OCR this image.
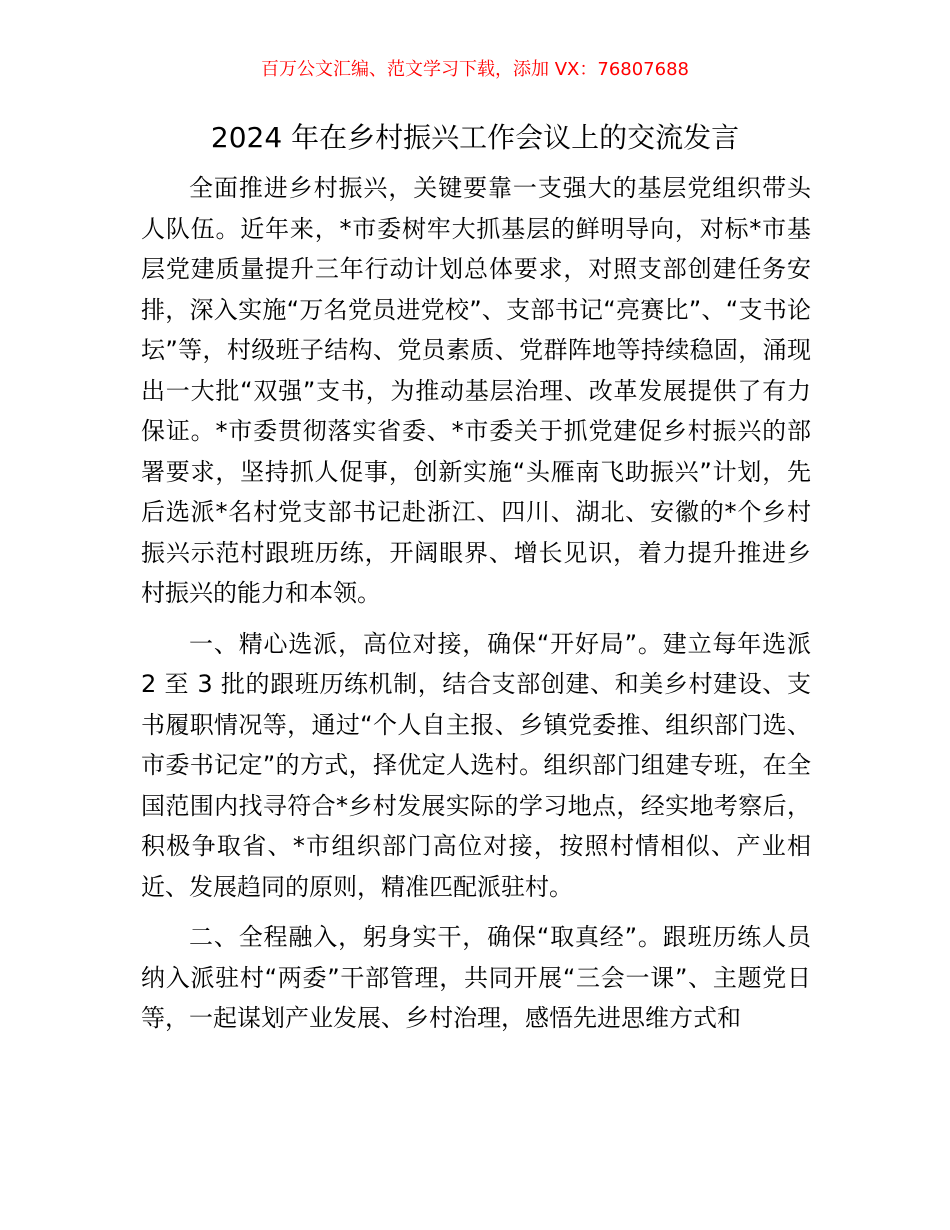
百万公文汇编、范文学习下载，添加 VX：76807688
2024 年在乡村振兴工作会议上的交流发言

全面推进乡村振兴，关键要靠一支强大的基层党组织带头人队伍。近年来，*市委树牢大抓基层的鲜明导向，对标*市基层党建质量提升三年行动计划总体要求，对照支部创建任务安排，深入实施“万名党员进党校”、支部书记“亮赛比”、“支书论坛”等，村级班子结构、党员素质、党群阵地等持续稳固，涌现出一大批“双强”支书，为推动基层治理、改革发展提供了有力保证。*市委贯彻落实省委、*市委关于抓党建促乡村振兴的部署要求，坚持抓人促事，创新实施“头雁南飞助振兴”计划，先后选派*名村党支部书记赴浙江、四川、湖北、安徽的*个乡村振兴示范村跟班历练，开阔眼界、增长见识，着力提升推进乡村振兴的能力和本领。

一、精心选派，高位对接，确保“开好局”。建立每年选派 2 至 3 批的跟班历练机制，结合支部创建、和美乡村建设、支书履职情况等，通过“个人自主报、乡镇党委推、组织部门选、市委书记定”的方式，择优定人选村。组织部门组建专班，在全国范围内找寻符合*乡村发展实际的学习地点，经实地考察后，积极争取省、*市组织部门高位对接，按照村情相似、产业相近、发展趋同的原则，精准匹配派驻村。

二、全程融入，躬身实干，确保“取真经”。跟班历练人员纳入派驻村“两委”干部管理，共同开展“三会一课”、主题党日等，一起谋划产业发展、乡村治理，感悟先进思维方式和
